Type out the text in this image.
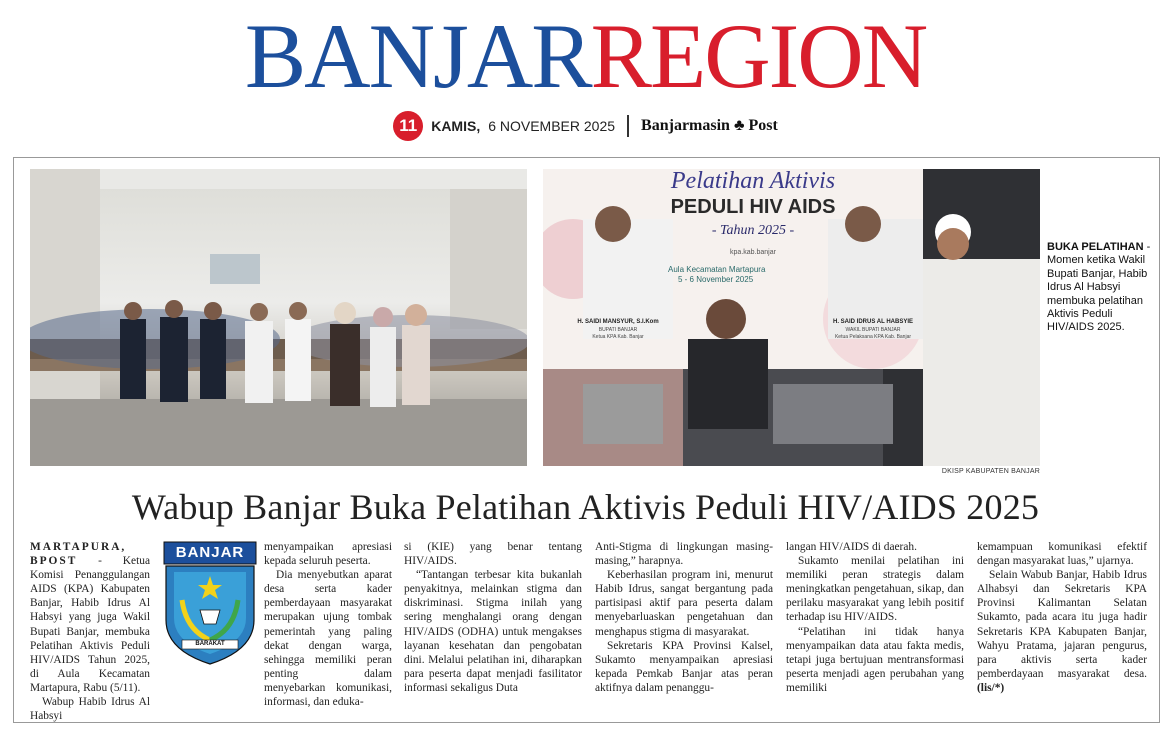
BANJARREGION
11	KAMIS, 6 NOVEMBER 2025 Banjarmasin ♣ Post
Pelatihan Aktivis
PEDULI HIV AIDS
- Tahun 2025 -
kpa.kab.banjar
Aula Kecamatan Martapura
5 - 6 November 2025
H. SAIDI MANSYUR, S.I.Kom
BUPATI BANJAR
Ketua KPA Kab. Banjar
H. SAID IDRUS AL HABSYIE
WAKIL BUPATI BANJAR
Ketua Pelaksana KPA Kab. Banjar
BUKA PELATIHAN - Momen ketika Wakil Bupati Banjar, Habib Idrus Al Habsyi membuka pelatihan Aktivis Peduli HIV/AIDS 2025.
DKISP KABUPATEN BANJAR
Wabup Banjar Buka Pelatihan Aktivis Peduli HIV/AIDS 2025
BANJAR
BARAKAT

MARTAPURA, BPOST - Ketua Komisi Penanggulangan AIDS (KPA) Kabupaten Banjar, Habib Idrus Al Habsyi yang juga Wakil Bupati Banjar, membuka Pelatihan Aktivis Peduli HIV/AIDS Tahun 2025, di Aula Kecamatan Martapura, Rabu (5/11).

Wabup Habib Idrus Al Habsyi

menyampaikan apresiasi kepada seluruh peserta.
Dia menyebutkan aparat desa serta kader pemberdayaan masyarakat merupakan ujung tombak pemerintah yang paling dekat dengan warga, sehingga memiliki peran penting dalam menyebarkan komunikasi, informasi, dan eduka-

si (KIE) yang benar tentang HIV/AIDS.

“Tantangan terbesar kita bukanlah penyakitnya, melainkan stigma dan diskriminasi. Stigma inilah yang sering menghalangi orang dengan HIV/AIDS (ODHA) untuk mengakses layanan kesehatan dan pengobatan dini. Melalui pelatihan ini, diharapkan para peserta dapat menjadi fasilitator informasi sekaligus Duta

Anti-Stigma di lingkungan masing-masing,” harapnya.

Keberhasilan program ini, menurut Habib Idrus, sangat bergantung pada partisipasi aktif para peserta dalam menyebarluaskan pengetahuan dan menghapus stigma di masyarakat.

Sekretaris KPA Provinsi Kalsel, Sukamto menyampaikan apresiasi kepada Pemkab Banjar atas peran aktifnya dalam penanggu-

langan HIV/AIDS di daerah.

Sukamto menilai pelatihan ini memiliki peran strategis dalam meningkatkan pengetahuan, sikap, dan perilaku masyarakat yang lebih positif terhadap isu HIV/AIDS.

“Pelatihan ini tidak hanya menyampaikan data atau fakta medis, tetapi juga bertujuan mentransformasi peserta menjadi agen perubahan yang memiliki

kemampuan komunikasi efektif dengan masyarakat luas,” ujarnya.

Selain Wabub Banjar, Habib Idrus Alhabsyi dan Sekretaris KPA Provinsi Kalimantan Selatan Sukamto, pada acara itu juga hadir Sekretaris KPA Kabupaten Banjar, Wahyu Pratama, jajaran pengurus, para aktivis serta kader pemberdayaan masyarakat desa. (lis/*)
